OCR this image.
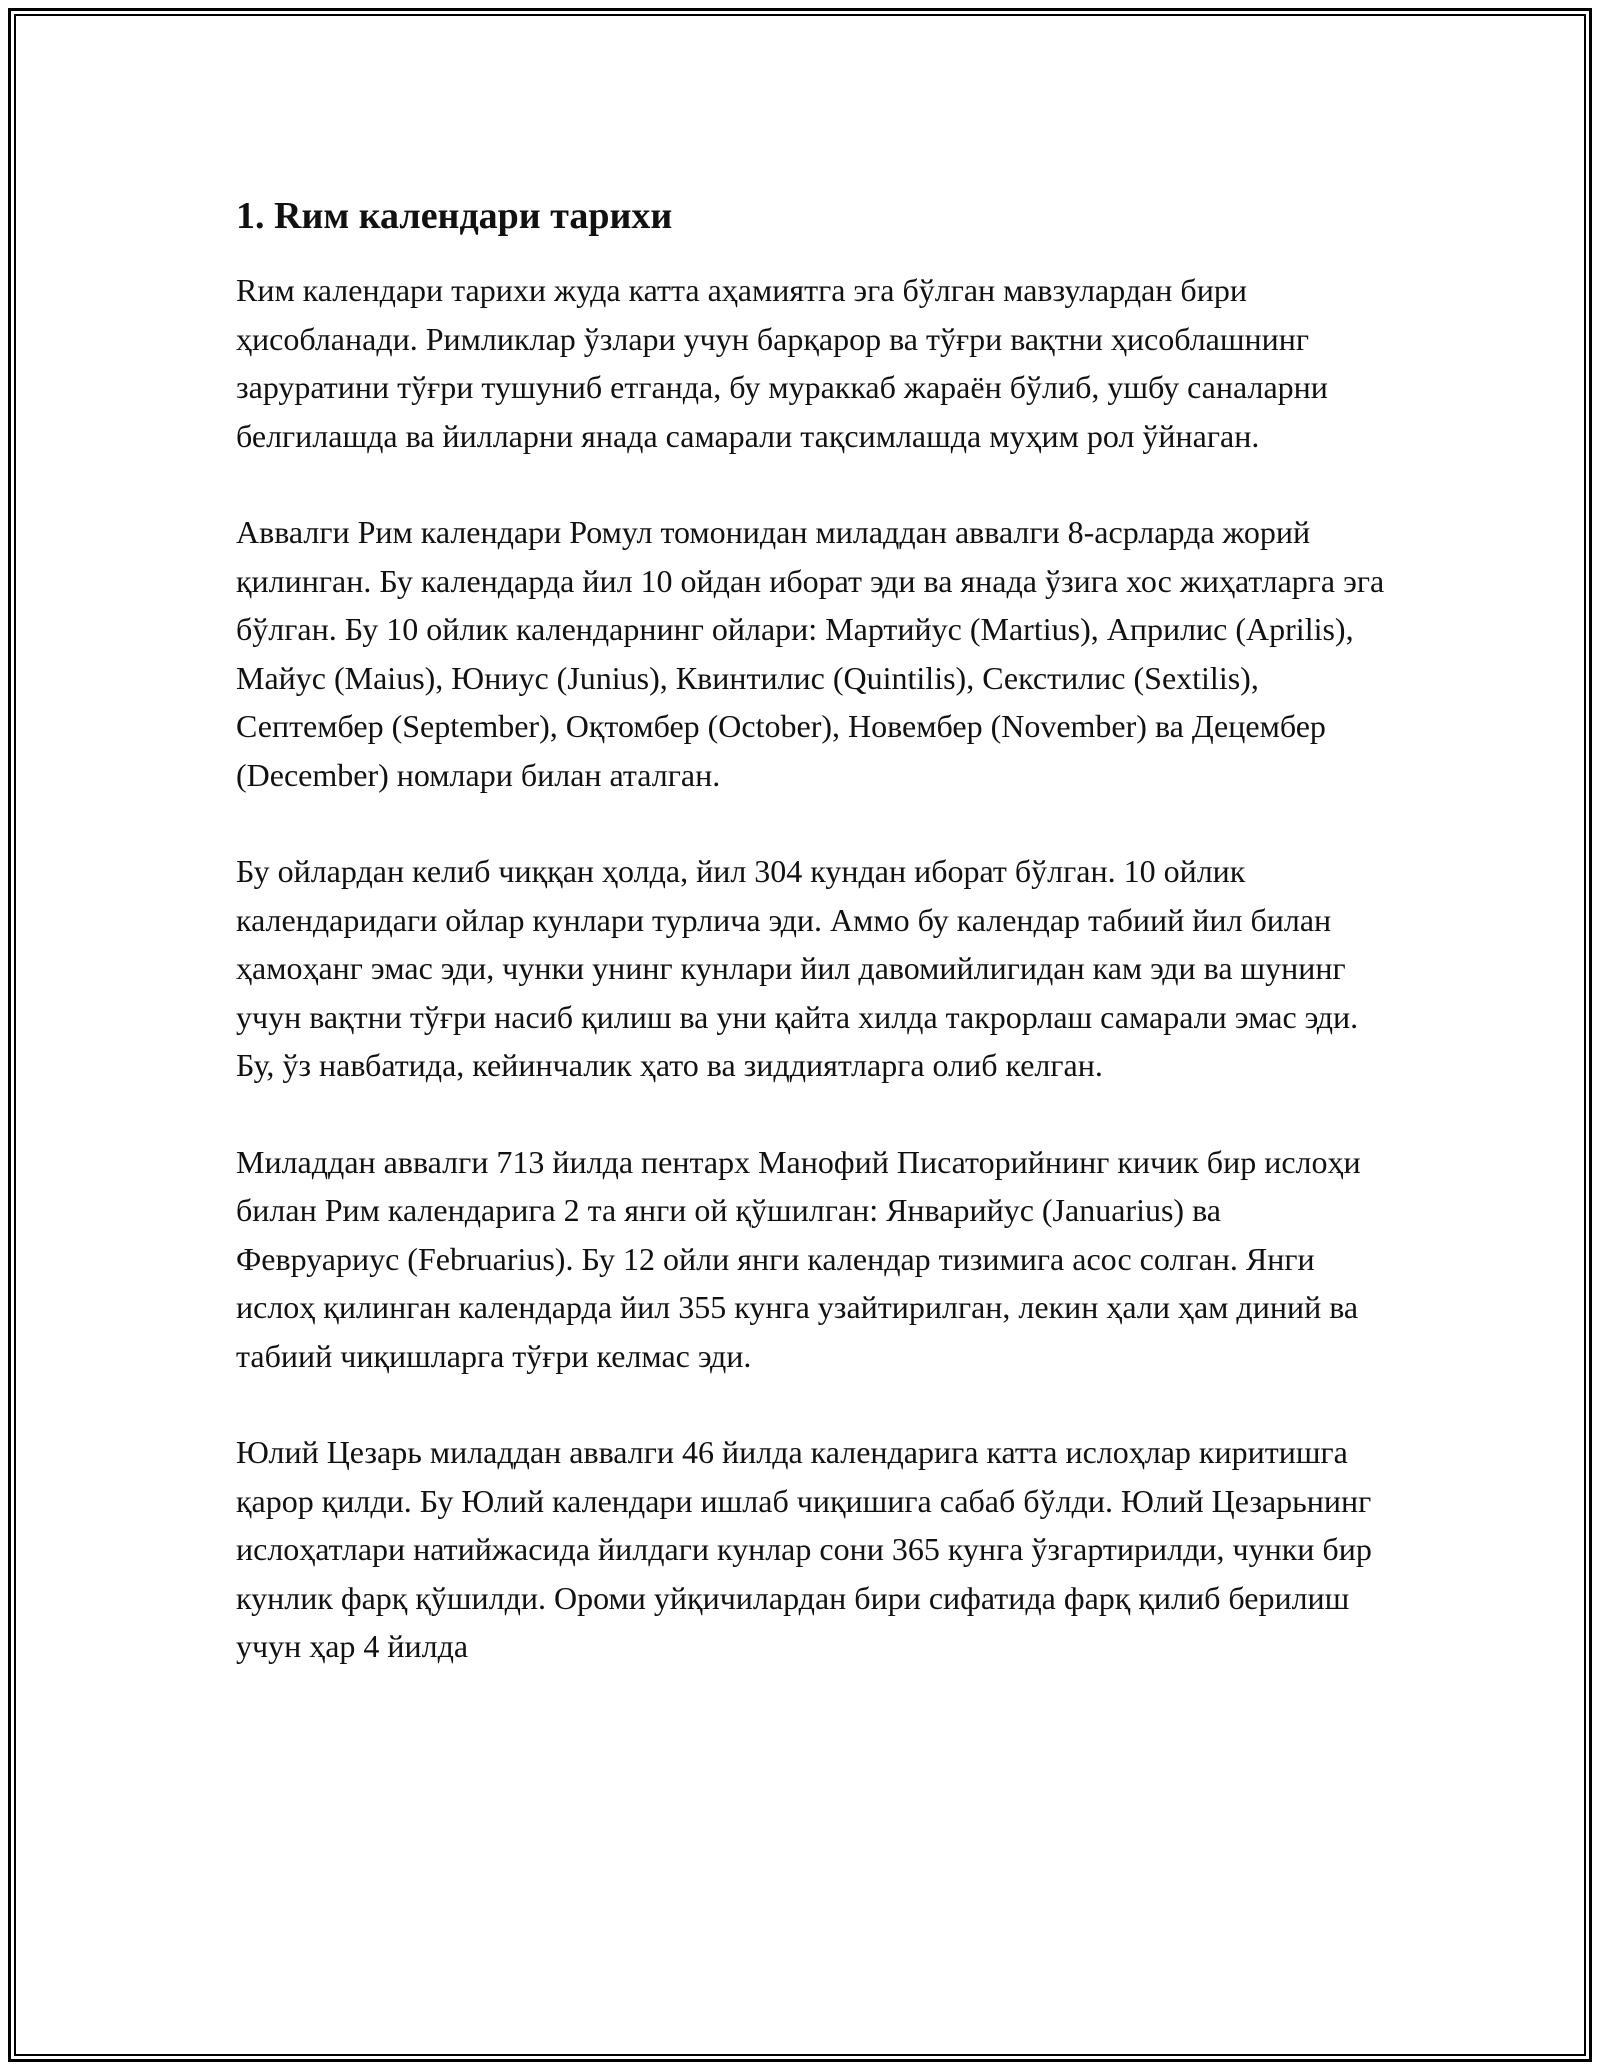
1. Rим календари тарихи

Rим календари тарихи жуда катта аҳамиятга эга бўлган мавзулардан бири ҳисобланади. Римликлар ўзлари учун барқарор ва тўғри вақтни ҳисоблашнинг заруратини тўғри тушуниб етганда, бу мураккаб жараён бўлиб, ушбу саналарни белгилашда ва йилларни янада самарали тақсимлашда муҳим рол ўйнаган.

Аввалги Рим календари Ромул томонидан миладдан аввалги 8-асрларда жорий қилинган. Бу календарда йил 10 ойдан иборат эди ва янада ўзига хос жиҳатларга эга бўлган. Бу 10 ойлик календарнинг ойлари: Мартийус (Martius), Априлис (Aprilis), Майус (Maius), Юниус (Junius), Квинтилис (Quintilis), Секстилис (Sextilis), Септембер (September), Оқтомбер (October), Новембер (November) ва Децембер (December) номлари билан аталган.

Бу ойлардан келиб чиққан ҳолда, йил 304 кундан иборат бўлган. 10 ойлик календаридаги ойлар кунлари турлича эди. Аммо бу календар табиий йил билан ҳамоҳанг эмас эди, чунки унинг кунлари йил давомийлигидан кам эди ва шунинг учун вақтни тўғри насиб қилиш ва уни қайта хилда такрорлаш самарали эмас эди. Бу, ўз навбатида, кейинчалик ҳато ва зиддиятларга олиб келган.

Миладдан аввалги 713 йилда пентарх Манофий Писаторийнинг кичик бир ислоҳи билан Рим календарига 2 та янги ой қўшилган: Январийус (Januarius) ва Февруариус (Februarius). Бу 12 ойли янги календар тизимига асос солган. Янги ислоҳ қилинган календарда йил 355 кунга узайтирилган, лекин ҳали ҳам диний ва табиий чиқишларга тўғри келмас эди.

Юлий Цезарь миладдан аввалги 46 йилда календарига катта ислоҳлар киритишга қарор қилди. Бу Юлий календари ишлаб чиқишига сабаб бўлди. Юлий Цезарьнинг ислоҳатлари натийжасида йилдаги кунлар сони 365 кунга ўзгартирилди, чунки бир кунлик фарқ қўшилди. Ороми уйқичилардан бири сифатида фарқ қилиб берилиш учун ҳар 4 йилда
